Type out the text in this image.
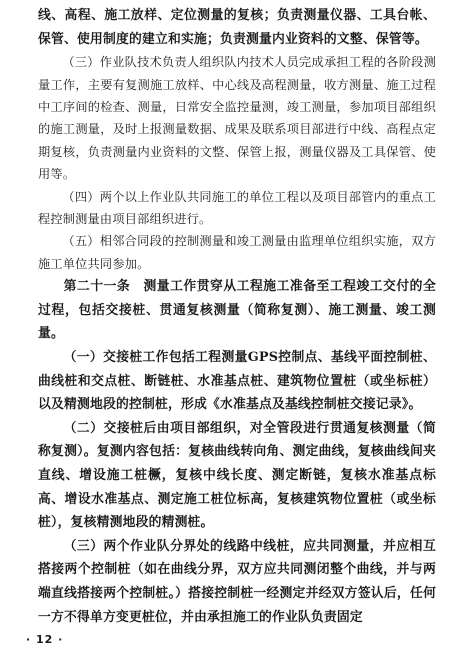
线、高程、施工放样、定位测量的复核；负责测量仪器、工具台帐、保管、使用制度的建立和实施；负责测量内业资料的文整、保管等。

（三）作业队技术负责人组织队内技术人员完成承担工程的各阶段测量工作，主要有复测施工放样、中心线及高程测量，收方测量、施工过程中工序间的检查、测量，日常安全监控量测，竣工测量，参加项目部组织的施工测量，及时上报测量数据、成果及联系项目部进行中线、高程点定期复核，负责测量内业资料的文整、保管上报，测量仪器及工具保管、使用等。

（四）两个以上作业队共同施工的单位工程以及项目部管内的重点工程控制测量由项目部组织进行。

（五）相邻合同段的控制测量和竣工测量由监理单位组织实施，双方施工单位共同参加。

第二十一条　测量工作贯穿从工程施工准备至工程竣工交付的全过程，包括交接桩、贯通复核测量（简称复测）、施工测量、竣工测量。

（一）交接桩工作包括工程测量GPS控制点、基线平面控制桩、曲线桩和交点桩、断链桩、水准基点桩、建筑物位置桩（或坐标桩）以及精测地段的控制桩，形成《水准基点及基线控制桩交接记录》。

（二）交接桩后由项目部组织，对全管段进行贯通复核测量（简称复测）。复测内容包括：复核曲线转向角、测定曲线，复核曲线间夹直线、增设施工桩橛，复核中线长度、测定断链，复核水准基点标高、增设水准基点、测定施工桩位标高，复核建筑物位置桩（或坐标桩），复核精测地段的精测桩。

（三）两个作业队分界处的线路中线桩，应共同测量，并应相互搭接两个控制桩（如在曲线分界，双方应共同测闭整个曲线，并与两端直线搭接两个控制桩。）搭接控制桩一经测定并经双方签认后，任何一方不得单方变更桩位，并由承担施工的作业队负责固定

· 12 ·
